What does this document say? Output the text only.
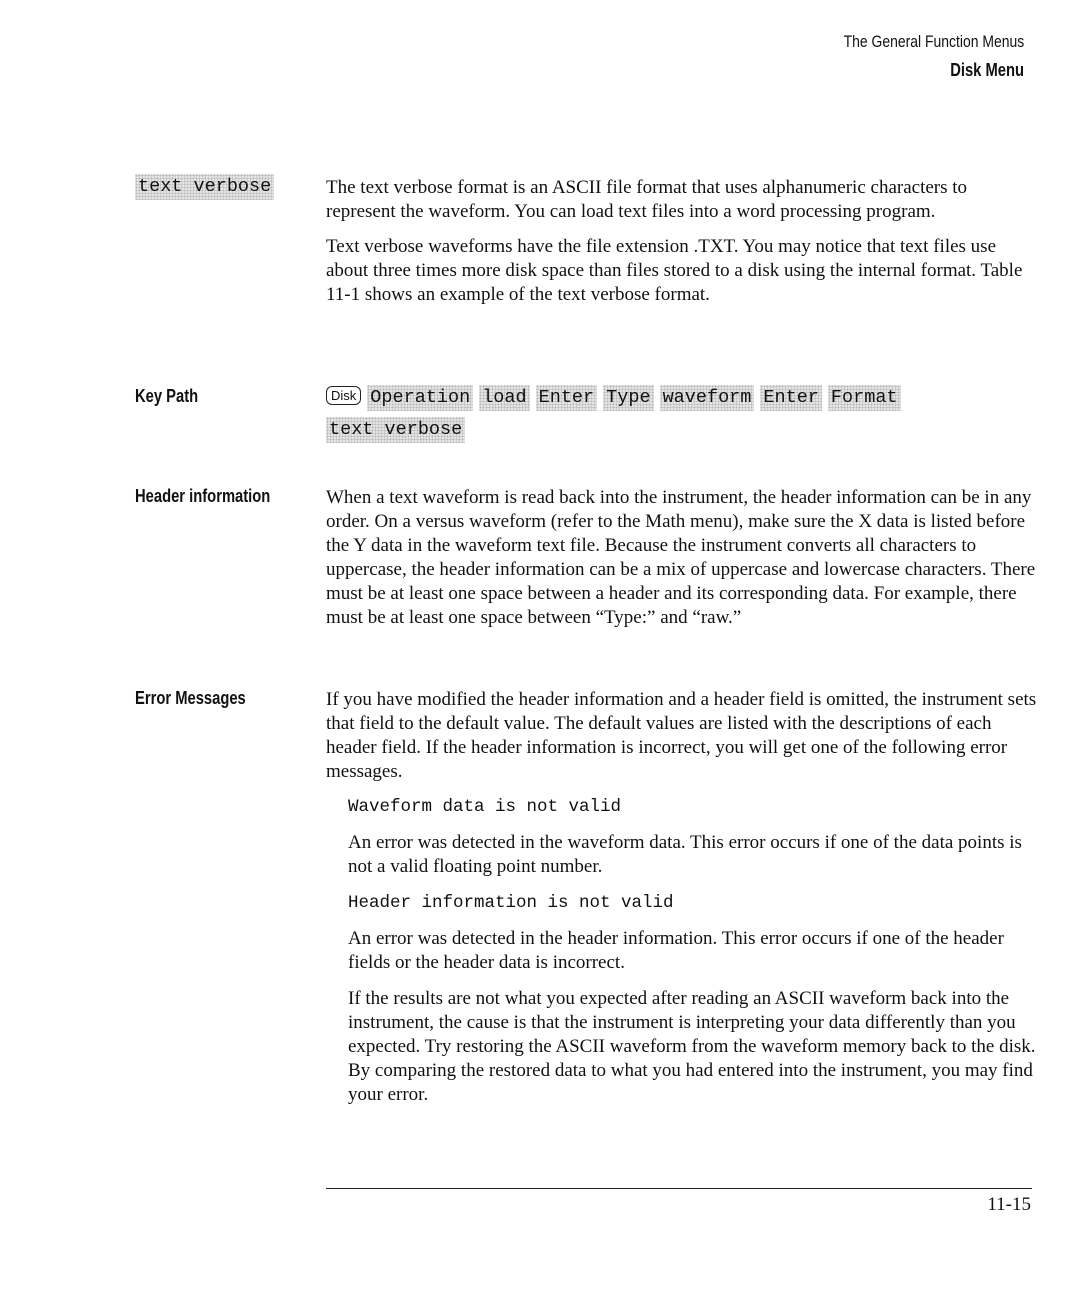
The General Function Menus
Disk Menu
text verbose	The text verbose format is an ASCII file format that uses alphanumeric characters to represent the waveform. You can load text files into a word processing program.

Text verbose waveforms have the file extension .TXT. You may notice that text files use about three times more disk space than files stored to a disk using the internal format. Table 11-1 shows an example of the text verbose format.

Key Path	Disk Operation load Enter Type waveform Enter Format
text verbose
Header information	When a text waveform is read back into the instrument, the header information can be in any order. On a versus waveform (refer to the Math menu), make sure the X data is listed before the Y data in the waveform text file. Because the instrument converts all characters to uppercase, the header information can be a mix of uppercase and lowercase characters. There must be at least one space between a header and its corresponding data. For example, there must be at least one space between “Type:” and “raw.”

Error Messages	If you have modified the header information and a header field is omitted, the instrument sets that field to the default value. The default values are listed with the descriptions of each header field. If the header information is incorrect, you will get one of the following error messages.

Waveform data is not valid

An error was detected in the waveform data. This error occurs if one of the data points is not a valid floating point number.

Header information is not valid

An error was detected in the header information. This error occurs if one of the header fields or the header data is incorrect.

If the results are not what you expected after reading an ASCII waveform back into the instrument, the cause is that the instrument is interpreting your data differently than you expected. Try restoring the ASCII waveform from the waveform memory back to the disk. By comparing the restored data to what you had entered into the instrument, you may find your error.

11-15
